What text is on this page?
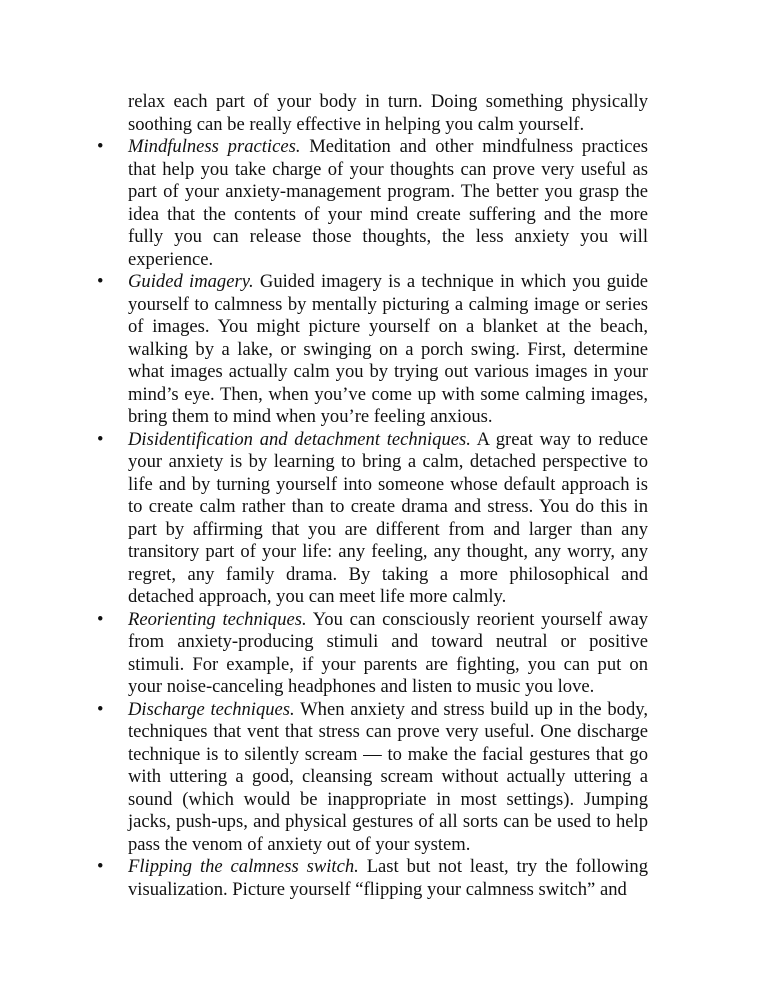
relax each part of your body in turn. Doing something physically soothing can be really effective in helping you calm yourself.

• Mindfulness practices. Meditation and other mindfulness practices that help you take charge of your thoughts can prove very useful as part of your anxiety-management program. The better you grasp the idea that the contents of your mind create suffering and the more fully you can release those thoughts, the less anxiety you will experience.
• Guided imagery. Guided imagery is a technique in which you guide yourself to calmness by mentally picturing a calming image or series of images. You might picture yourself on a blanket at the beach, walking by a lake, or swinging on a porch swing. First, determine what images actually calm you by trying out various images in your mind’s eye. Then, when you’ve come up with some calming images, bring them to mind when you’re feeling anxious.
• Disidentification and detachment techniques. A great way to reduce your anxiety is by learning to bring a calm, detached perspective to life and by turning yourself into someone whose default approach is to create calm rather than to create drama and stress. You do this in part by affirming that you are different from and larger than any transitory part of your life: any feeling, any thought, any worry, any regret, any family drama. By taking a more philosophical and detached approach, you can meet life more calmly.
• Reorienting techniques. You can consciously reorient yourself away from anxiety-producing stimuli and toward neutral or positive stimuli. For example, if your parents are fighting, you can put on your noise-canceling headphones and listen to music you love.
• Discharge techniques. When anxiety and stress build up in the body, techniques that vent that stress can prove very useful. One discharge technique is to silently scream — to make the facial gestures that go with uttering a good, cleansing scream without actually uttering a sound (which would be inappropriate in most settings). Jumping jacks, push-ups, and physical gestures of all sorts can be used to help pass the venom of anxiety out of your system.
• Flipping the calmness switch. Last but not least, try the following visualization. Picture yourself “flipping your calmness switch” and
